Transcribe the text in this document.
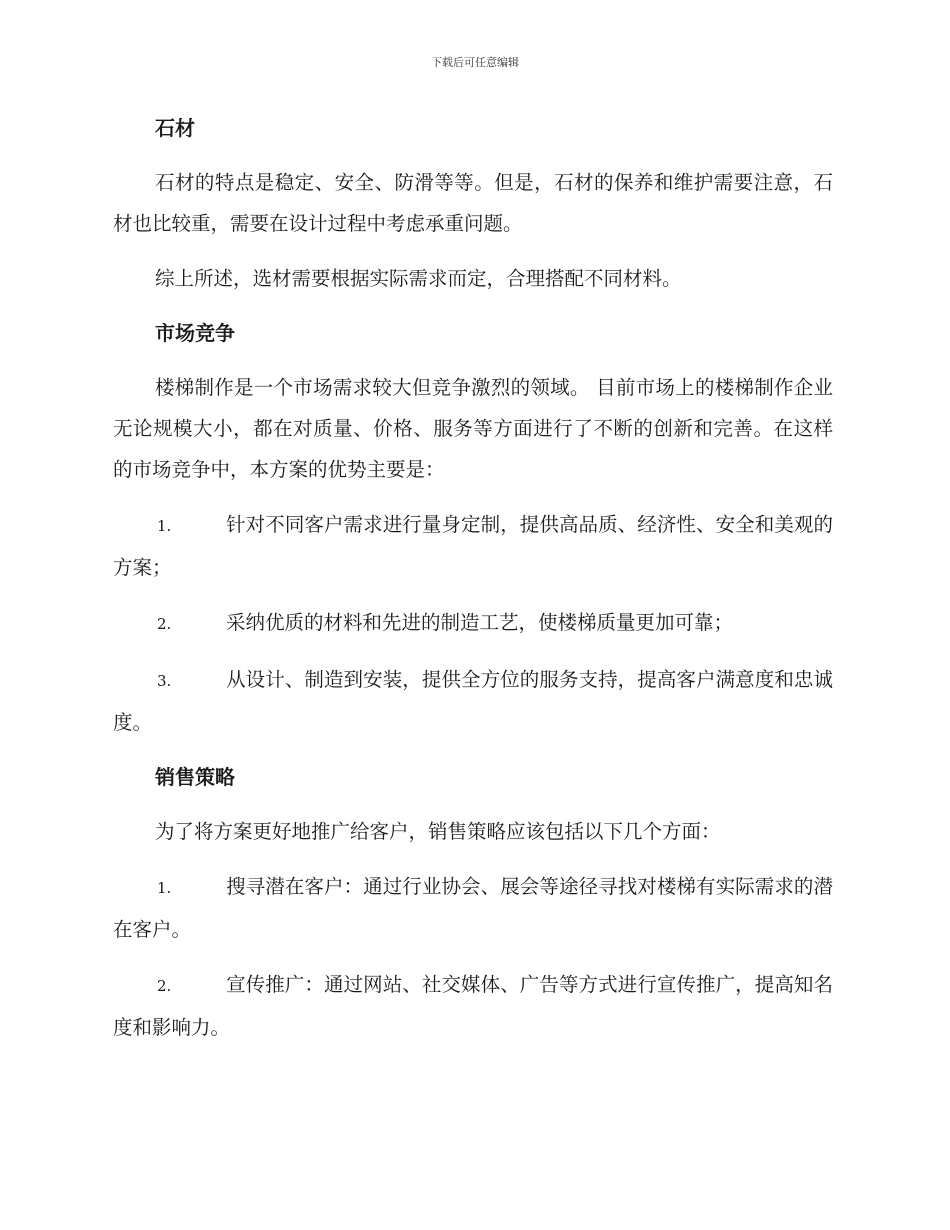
下载后可任意编辑
石材

石材的特点是稳定、安全、防滑等等。但是，石材的保养和维护需要注意，石材也比较重，需要在设计过程中考虑承重问题。

综上所述，选材需要根据实际需求而定，合理搭配不同材料。

市场竞争

楼梯制作是一个市场需求较大但竞争激烈的领域。 目前市场上的楼梯制作企业无论规模大小，都在对质量、价格、服务等方面进行了不断的创新和完善。在这样的市场竞争中，本方案的优势主要是：

1.	针对不同客户需求进行量身定制，提供高品质、经济性、安全和美观的方案；
2.	采纳优质的材料和先进的制造工艺，使楼梯质量更加可靠；
3.	从设计、制造到安装，提供全方位的服务支持，提高客户满意度和忠诚度。
销售策略

为了将方案更好地推广给客户，销售策略应该包括以下几个方面：

1.	搜寻潜在客户：通过行业协会、展会等途径寻找对楼梯有实际需求的潜在客户。
2.	宣传推广：通过网站、社交媒体、广告等方式进行宣传推广，提高知名度和影响力。
